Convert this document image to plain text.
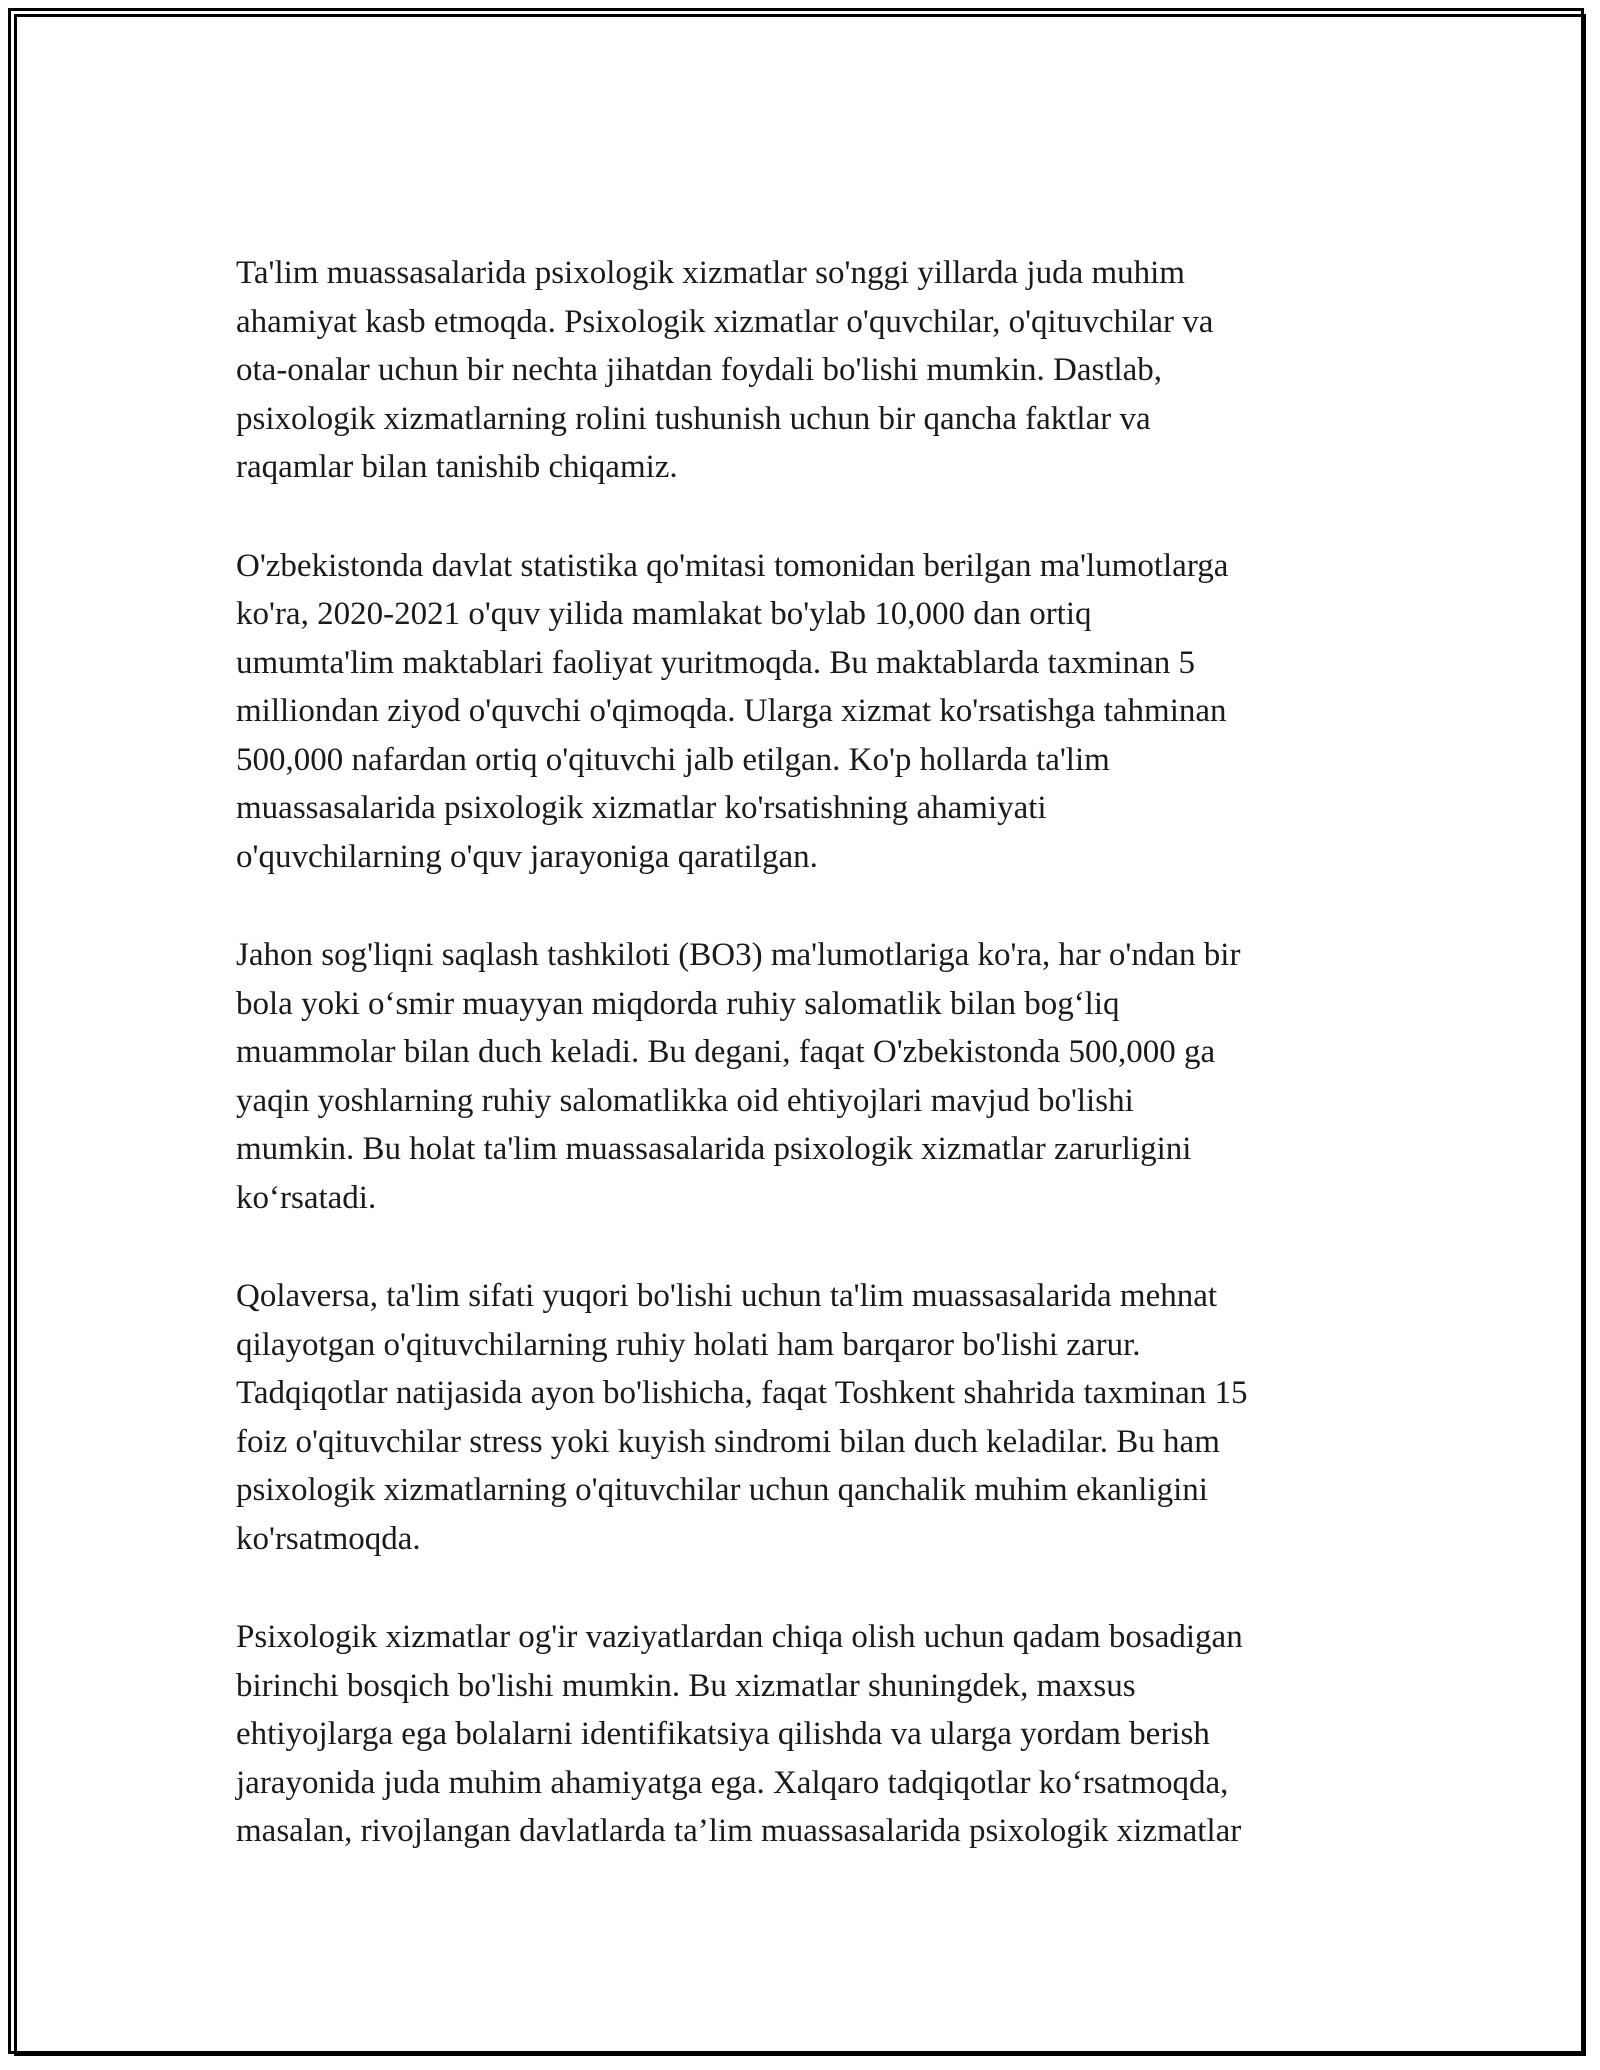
Ta'lim muassasalarida psixologik xizmatlar so'nggi yillarda juda muhim
ahamiyat kasb etmoqda. Psixologik xizmatlar o'quvchilar, o'qituvchilar va
ota-onalar uchun bir nechta jihatdan foydali bo'lishi mumkin. Dastlab,
psixologik xizmatlarning rolini tushunish uchun bir qancha faktlar va
raqamlar bilan tanishib chiqamiz.

O'zbekistonda davlat statistika qo'mitasi tomonidan berilgan ma'lumotlarga
ko'ra, 2020-2021 o'quv yilida mamlakat bo'ylab 10,000 dan ortiq
umumta'lim maktablari faoliyat yuritmoqda. Bu maktablarda taxminan 5
milliondan ziyod o'quvchi o'qimoqda. Ularga xizmat ko'rsatishga tahminan
500,000 nafardan ortiq o'qituvchi jalb etilgan. Ko'p hollarda ta'lim
muassasalarida psixologik xizmatlar ko'rsatishning ahamiyati
o'quvchilarning o'quv jarayoniga qaratilgan.

Jahon sog'liqni saqlash tashkiloti (BO3) ma'lumotlariga ko'ra, har o'ndan bir
bola yoki o‘smir muayyan miqdorda ruhiy salomatlik bilan bog‘liq
muammolar bilan duch keladi. Bu degani, faqat O'zbekistonda 500,000 ga
yaqin yoshlarning ruhiy salomatlikka oid ehtiyojlari mavjud bo'lishi
mumkin. Bu holat ta'lim muassasalarida psixologik xizmatlar zarurligini
ko‘rsatadi.

Qolaversa, ta'lim sifati yuqori bo'lishi uchun ta'lim muassasalarida mehnat
qilayotgan o'qituvchilarning ruhiy holati ham barqaror bo'lishi zarur.
Tadqiqotlar natijasida ayon bo'lishicha, faqat Toshkent shahrida taxminan 15
foiz o'qituvchilar stress yoki kuyish sindromi bilan duch keladilar. Bu ham
psixologik xizmatlarning o'qituvchilar uchun qanchalik muhim ekanligini
ko'rsatmoqda.

Psixologik xizmatlar og'ir vaziyatlardan chiqa olish uchun qadam bosadigan
birinchi bosqich bo'lishi mumkin. Bu xizmatlar shuningdek, maxsus
ehtiyojlarga ega bolalarni identifikatsiya qilishda va ularga yordam berish
jarayonida juda muhim ahamiyatga ega. Xalqaro tadqiqotlar ko‘rsatmoqda,
masalan, rivojlangan davlatlarda ta’lim muassasalarida psixologik xizmatlar
